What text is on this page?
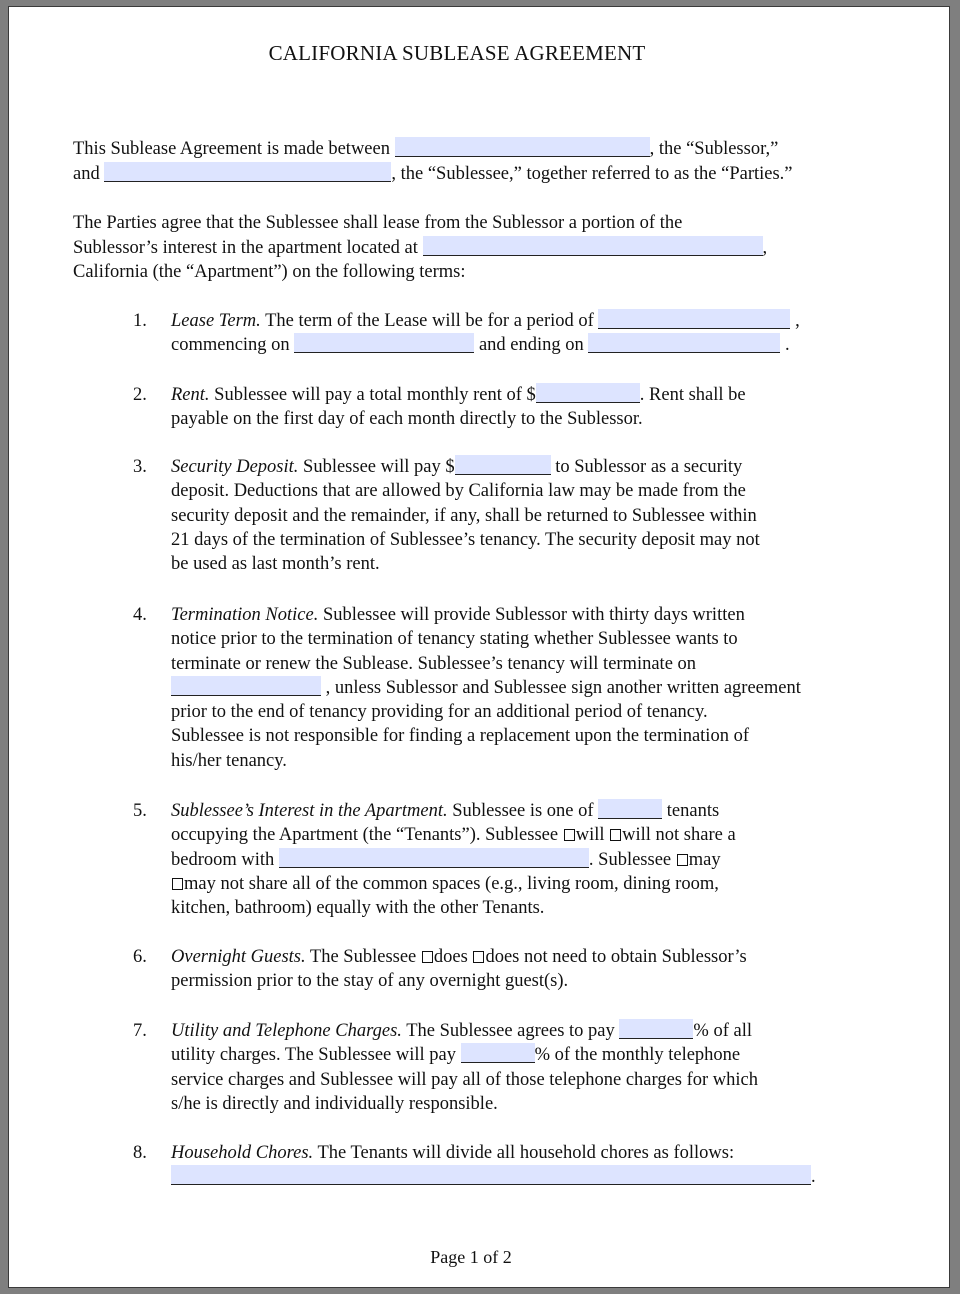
CALIFORNIA SUBLEASE AGREEMENT
This Sublease Agreement is made between	, the “Sublessor,”
and	, the “Sublessee,” together referred to as the “Parties.”
The Parties agree that the Sublessee shall lease from the Sublessor a portion of the
Sublessor’s interest in the apartment located at	,
California (the “Apartment”) on the following terms:
1. Lease Term. The term of the Lease will be for a period of	,
commencing on	and ending on	.
2. Rent. Sublessee will pay a total monthly rent of $	. Rent shall be
payable on the first day of each month directly to the Sublessor.
3. Security Deposit. Sublessee will pay $	to Sublessor as a security
deposit. Deductions that are allowed by California law may be made from the
security deposit and the remainder, if any, shall be returned to Sublessee within
21 days of the termination of Sublessee’s tenancy. The security deposit may not
be used as last month’s rent.
4. Termination Notice. Sublessee will provide Sublessor with thirty days written
notice prior to the termination of tenancy stating whether Sublessee wants to
terminate or renew the Sublease. Sublessee’s tenancy will terminate on
, unless Sublessor and Sublessee sign another written agreement
prior to the end of tenancy providing for an additional period of tenancy.
Sublessee is not responsible for finding a replacement upon the termination of
his/her tenancy.
5. Sublessee’s Interest in the Apartment. Sublessee is one of	tenants
occupying the Apartment (the “Tenants”). Sublessee will will not share a
bedroom with	. Sublessee may
may not share all of the common spaces (e.g., living room, dining room,
kitchen, bathroom) equally with the other Tenants.
6. Overnight Guests. The Sublessee does does not need to obtain Sublessor’s
permission prior to the stay of any overnight guest(s).
7. Utility and Telephone Charges. The Sublessee agrees to pay	% of all
utility charges. The Sublessee will pay	% of the monthly telephone
service charges and Sublessee will pay all of those telephone charges for which
s/he is directly and individually responsible.
8. Household Chores. The Tenants will divide all household chores as follows:
.
Page 1 of 2
